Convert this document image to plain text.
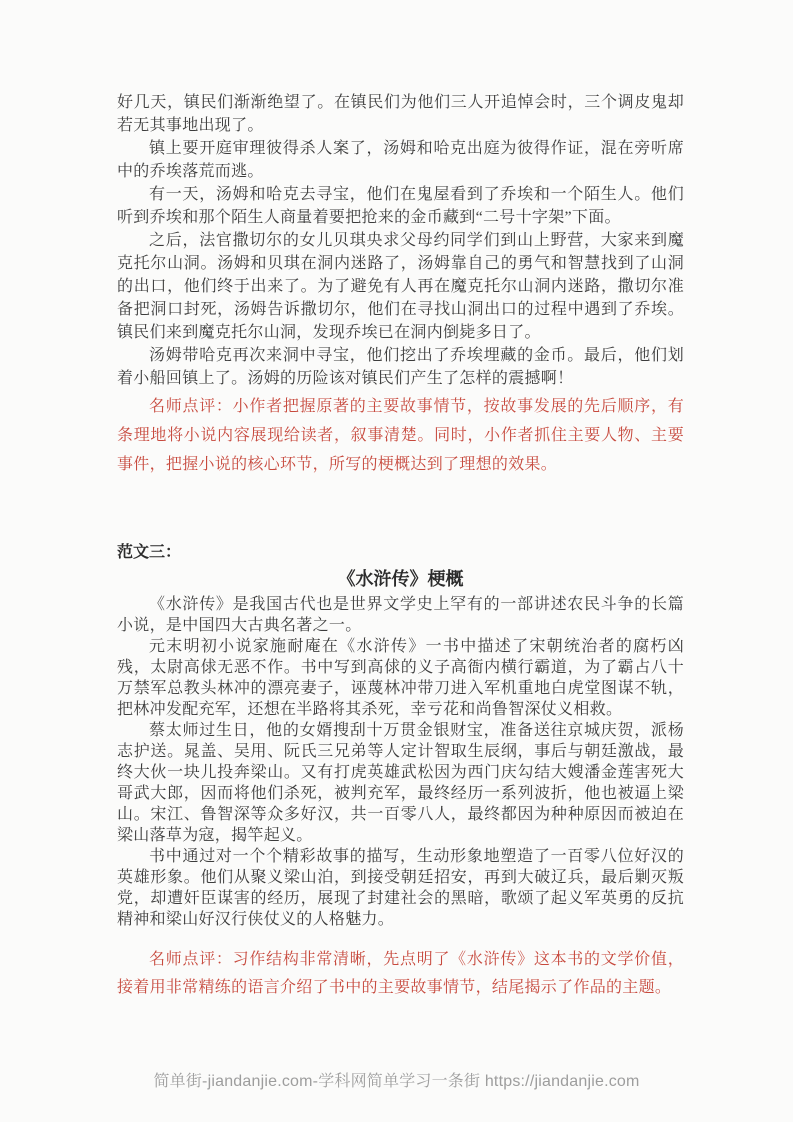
好几天，镇民们渐渐绝望了。在镇民们为他们三人开追悼会时，三个调皮鬼却若无其事地出现了。

镇上要开庭审理彼得杀人案了，汤姆和哈克出庭为彼得作证，混在旁听席中的乔埃落荒而逃。

有一天，汤姆和哈克去寻宝，他们在鬼屋看到了乔埃和一个陌生人。他们听到乔埃和那个陌生人商量着要把抢来的金币藏到“二号十字架”下面。

之后，法官撒切尔的女儿贝琪央求父母约同学们到山上野营，大家来到魔克托尔山洞。汤姆和贝琪在洞内迷路了，汤姆靠自己的勇气和智慧找到了山洞的出口，他们终于出来了。为了避免有人再在魔克托尔山洞内迷路，撒切尔准备把洞口封死，汤姆告诉撒切尔，他们在寻找山洞出口的过程中遇到了乔埃。镇民们来到魔克托尔山洞，发现乔埃已在洞内倒毙多日了。

汤姆带哈克再次来洞中寻宝，他们挖出了乔埃埋藏的金币。最后，他们划着小船回镇上了。汤姆的历险该对镇民们产生了怎样的震撼啊！

名师点评：小作者把握原著的主要故事情节，按故事发展的先后顺序，有条理地将小说内容展现给读者，叙事清楚。同时，小作者抓住主要人物、主要事件，把握小说的核心环节，所写的梗概达到了理想的效果。

范文三：
《水浒传》梗概

《水浒传》是我国古代也是世界文学史上罕有的一部讲述农民斗争的长篇小说，是中国四大古典名著之一。

元末明初小说家施耐庵在《水浒传》一书中描述了宋朝统治者的腐朽凶残，太尉高俅无恶不作。书中写到高俅的义子高衙内横行霸道，为了霸占八十万禁军总教头林冲的漂亮妻子，诬蔑林冲带刀进入军机重地白虎堂图谋不轨，把林冲发配充军，还想在半路将其杀死，幸亏花和尚鲁智深仗义相救。

蔡太师过生日，他的女婿搜刮十万贯金银财宝，准备送往京城庆贺，派杨志护送。晁盖、吴用、阮氏三兄弟等人定计智取生辰纲，事后与朝廷激战，最终大伙一块儿投奔梁山。又有打虎英雄武松因为西门庆勾结大嫂潘金莲害死大哥武大郎，因而将他们杀死，被判充军，最终经历一系列波折，他也被逼上梁山。宋江、鲁智深等众多好汉，共一百零八人，最终都因为种种原因而被迫在梁山落草为寇，揭竿起义。

书中通过对一个个精彩故事的描写，生动形象地塑造了一百零八位好汉的英雄形象。他们从聚义梁山泊，到接受朝廷招安，再到大破辽兵，最后剿灭叛党，却遭奸臣谋害的经历，展现了封建社会的黑暗，歌颂了起义军英勇的反抗精神和梁山好汉行侠仗义的人格魅力。

名师点评：习作结构非常清晰，先点明了《水浒传》这本书的文学价值，接着用非常精练的语言介绍了书中的主要故事情节，结尾揭示了作品的主题。

简单街-jiandanjie.com-学科网简单学习一条街 https://jiandanjie.com
